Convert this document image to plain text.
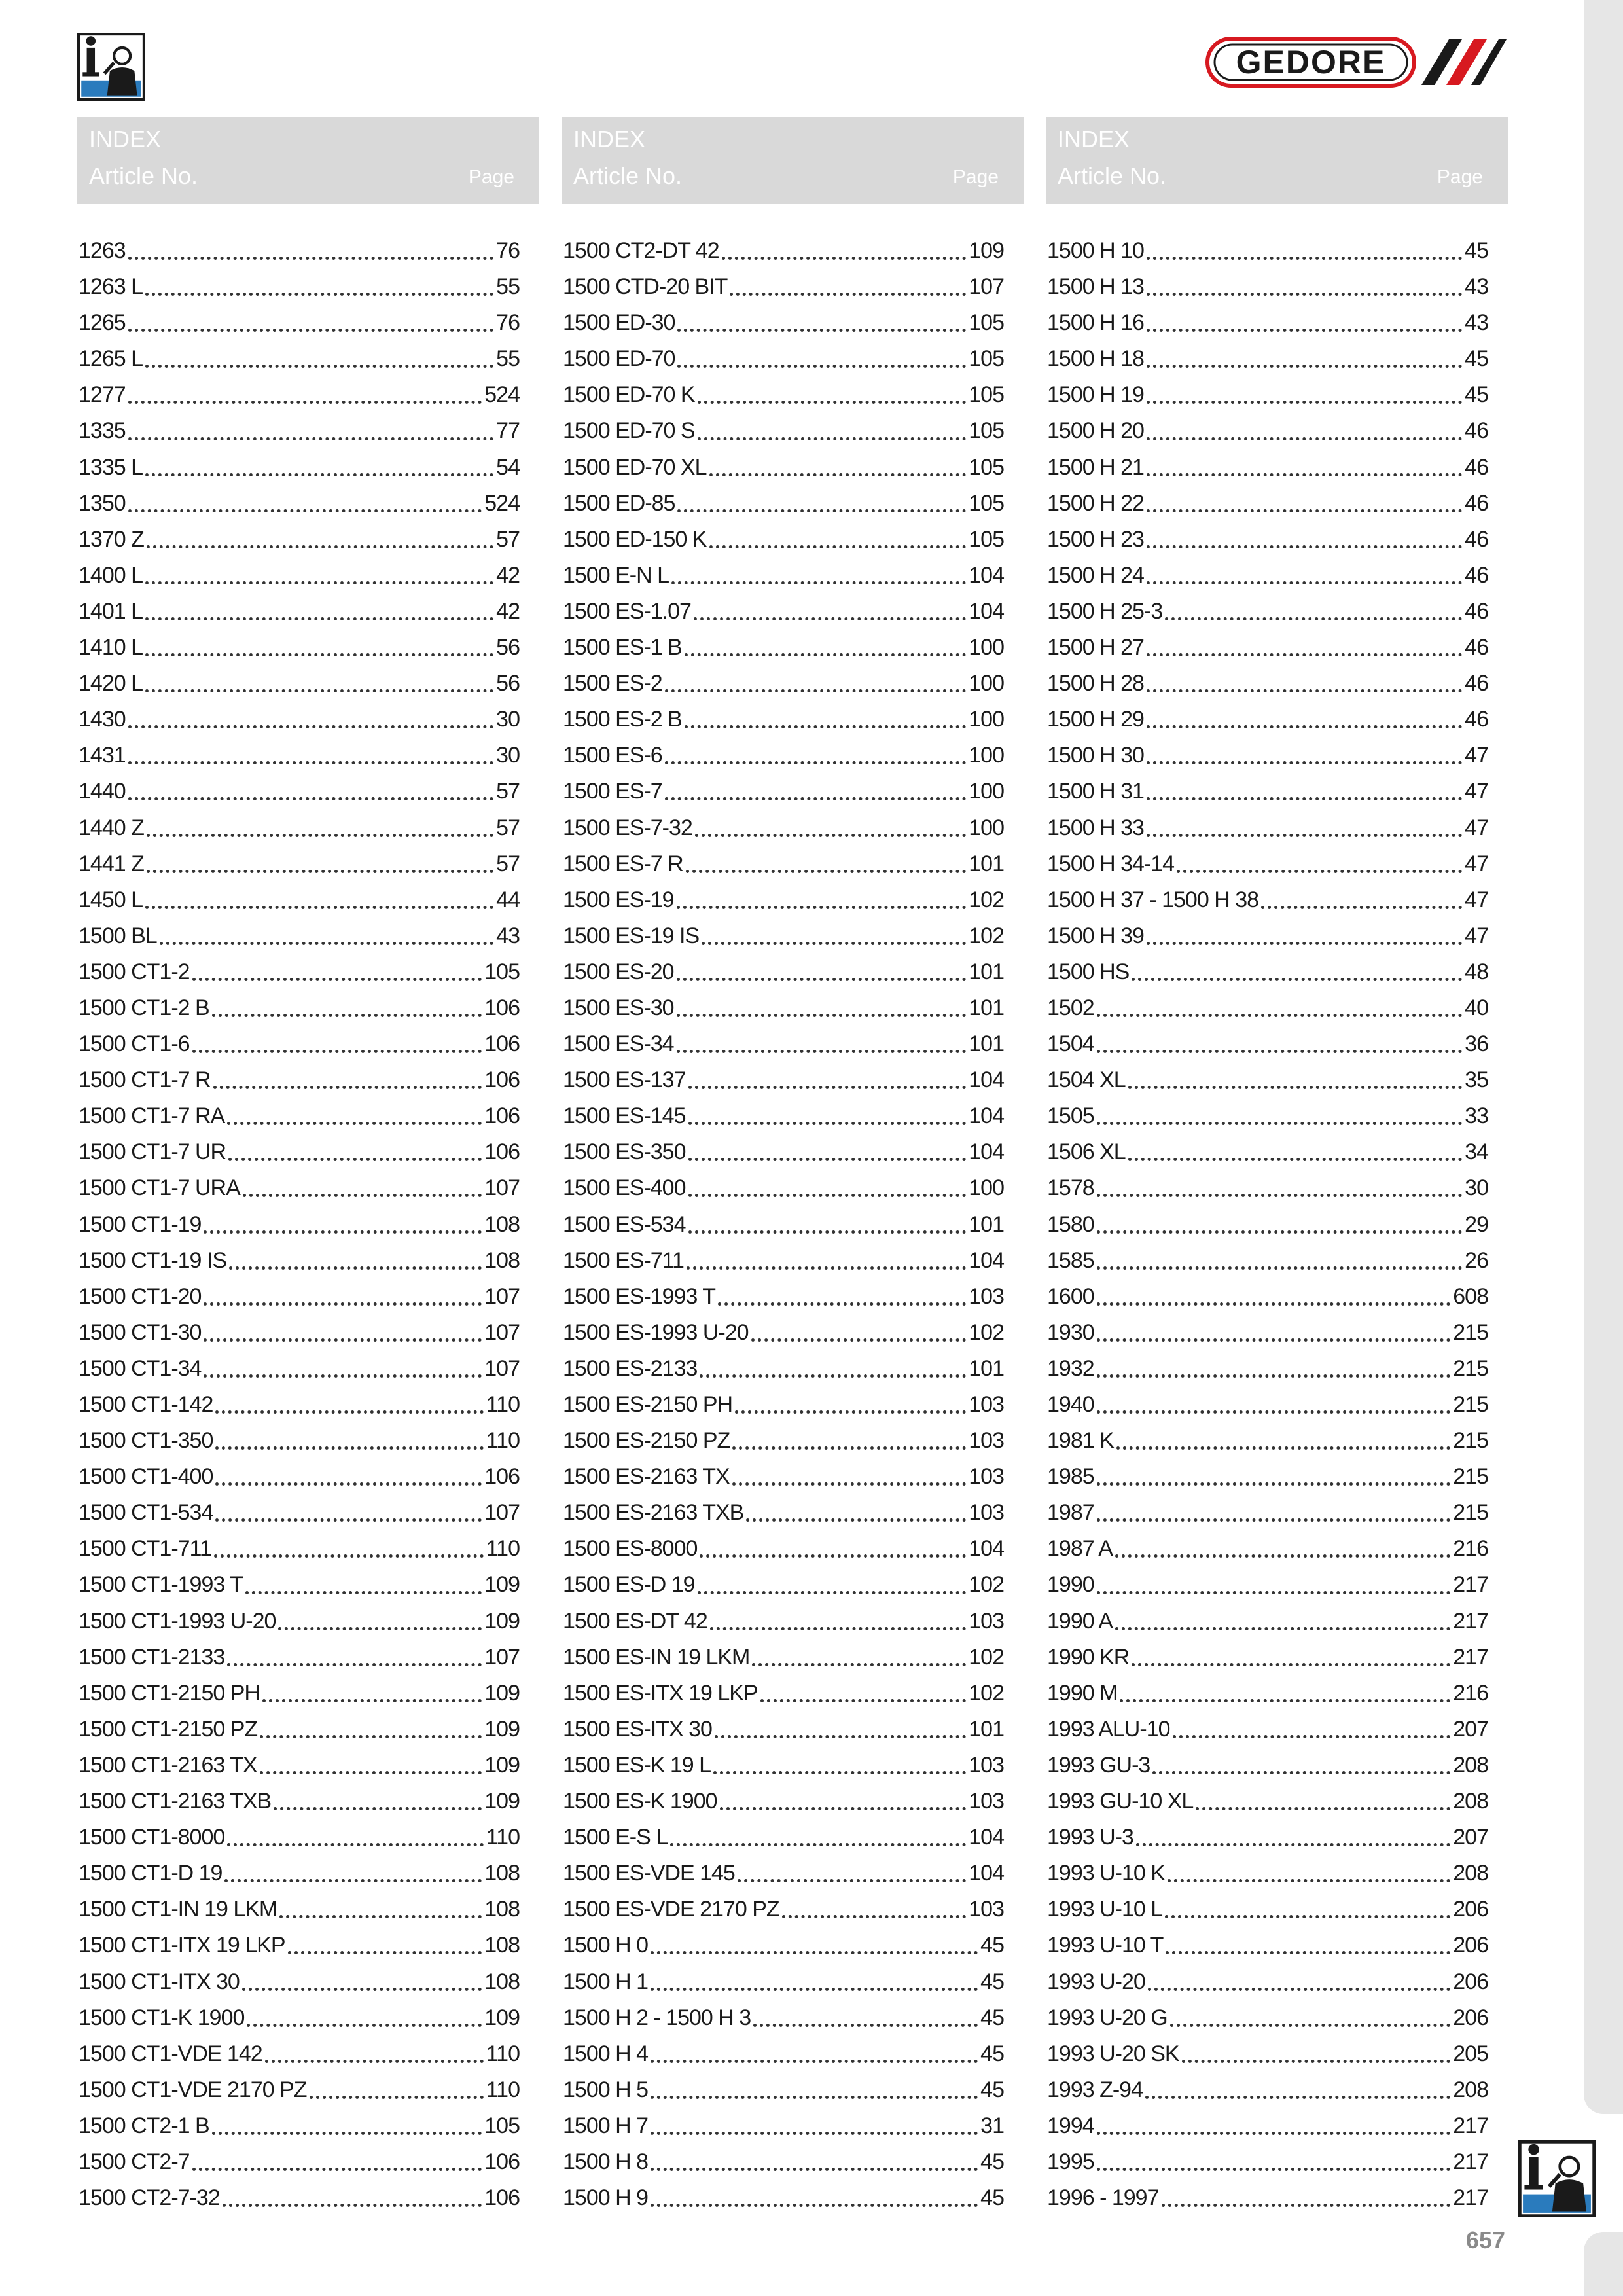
GEDORE
INDEX
Article No.	Page
1263	76
1263 L	55
1265	76
1265 L	55
1277	524
1335	77
1335 L	54
1350	524
1370 Z	57
1400 L	42
1401 L	42
1410 L	56
1420 L	56
1430	30
1431	30
1440	57
1440 Z	57
1441 Z	57
1450 L	44
1500 BL	43
1500 CT1-2	105
1500 CT1-2 B	106
1500 CT1-6	106
1500 CT1-7 R	106
1500 CT1-7 RA	106
1500 CT1-7 UR	106
1500 CT1-7 URA	107
1500 CT1-19	108
1500 CT1-19 IS	108
1500 CT1-20	107
1500 CT1-30	107
1500 CT1-34	107
1500 CT1-142	110
1500 CT1-350	110
1500 CT1-400	106
1500 CT1-534	107
1500 CT1-711	110
1500 CT1-1993 T	109
1500 CT1-1993 U-20	109
1500 CT1-2133	107
1500 CT1-2150 PH	109
1500 CT1-2150 PZ	109
1500 CT1-2163 TX	109
1500 CT1-2163 TXB	109
1500 CT1-8000	110
1500 CT1-D 19	108
1500 CT1-IN 19 LKM	108
1500 CT1-ITX 19 LKP	108
1500 CT1-ITX 30	108
1500 CT1-K 1900	109
1500 CT1-VDE 142	110
1500 CT1-VDE 2170 PZ	110
1500 CT2-1 B	105
1500 CT2-7	106
1500 CT2-7-32	106
INDEX
Article No.	Page
1500 CT2-DT 42	109
1500 CTD-20 BIT	107
1500 ED-30	105
1500 ED-70	105
1500 ED-70 K	105
1500 ED-70 S	105
1500 ED-70 XL	105
1500 ED-85	105
1500 ED-150 K	105
1500 E-N L	104
1500 ES-1.07	104
1500 ES-1 B	100
1500 ES-2	100
1500 ES-2 B	100
1500 ES-6	100
1500 ES-7	100
1500 ES-7-32	100
1500 ES-7 R	101
1500 ES-19	102
1500 ES-19 IS	102
1500 ES-20	101
1500 ES-30	101
1500 ES-34	101
1500 ES-137	104
1500 ES-145	104
1500 ES-350	104
1500 ES-400	100
1500 ES-534	101
1500 ES-711	104
1500 ES-1993 T	103
1500 ES-1993 U-20	102
1500 ES-2133	101
1500 ES-2150 PH	103
1500 ES-2150 PZ	103
1500 ES-2163 TX	103
1500 ES-2163 TXB	103
1500 ES-8000	104
1500 ES-D 19	102
1500 ES-DT 42	103
1500 ES-IN 19 LKM	102
1500 ES-ITX 19 LKP	102
1500 ES-ITX 30	101
1500 ES-K 19 L	103
1500 ES-K 1900	103
1500 E-S L	104
1500 ES-VDE 145	104
1500 ES-VDE 2170 PZ	103
1500 H 0	45
1500 H 1	45
1500 H 2 - 1500 H 3	45
1500 H 4	45
1500 H 5	45
1500 H 7	31
1500 H 8	45
1500 H 9	45
INDEX
Article No.	Page
1500 H 10	45
1500 H 13	43
1500 H 16	43
1500 H 18	45
1500 H 19	45
1500 H 20	46
1500 H 21	46
1500 H 22	46
1500 H 23	46
1500 H 24	46
1500 H 25-3	46
1500 H 27	46
1500 H 28	46
1500 H 29	46
1500 H 30	47
1500 H 31	47
1500 H 33	47
1500 H 34-14	47
1500 H 37 - 1500 H 38	47
1500 H 39	47
1500 HS	48
1502	40
1504	36
1504 XL	35
1505	33
1506 XL	34
1578	30
1580	29
1585	26
1600	608
1930	215
1932	215
1940	215
1981 K	215
1985	215
1987	215
1987 A	216
1990	217
1990 A	217
1990 KR	217
1990 M	216
1993 ALU-10	207
1993 GU-3	208
1993 GU-10 XL	208
1993 U-3	207
1993 U-10 K	208
1993 U-10 L	206
1993 U-10 T	206
1993 U-20	206
1993 U-20 G	206
1993 U-20 SK	205
1993 Z-94	208
1994	217
1995	217
1996 - 1997	217
657
